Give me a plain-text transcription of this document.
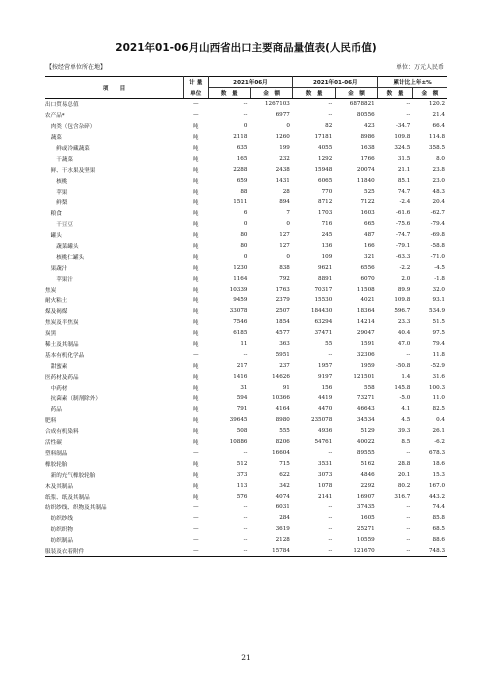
2021年01-06月山西省出口主要商品量值表(人民币值)
【按经营单位所在地】	单位：万元人民币
项　　目	计 量	2021年06月		2021年01-06月		累计比上年±%	
	单位	数　量	金　额	数　量	金　额	数　量	金　额
出口贸易总值	—	--	1267103	--	6878821	--	120.2
农产品*	—	--	6977	--	80556	--	21.4
　肉类（包含杂碎）	吨	0	0	82	423	-34.7	66.4
　蔬菜	吨	2118	1260	17181	8986	109.8	114.8
　　鲜或冷藏蔬菜	吨	635	199	4055	1638	324.5	358.5
　　干蔬菜	吨	165	232	1292	1766	31.5	8.0
　鲜、干水果及坚果	吨	2288	2438	15948	20074	21.1	23.8
　　核桃	吨	659	1431	6065	11840	85.1	23.0
　　苹果	吨	88	28	770	525	74.7	48.3
　　鲜梨	吨	1511	894	8712	7122	-2.4	20.4
　粮食	吨	6	7	1703	1603	-61.6	-62.7
　　干豆豆	吨	0	0	716	665	-75.6	-79.4
　罐头	吨	80	127	245	487	-74.7	-69.8
　　蔬菜罐头	吨	80	127	136	166	-79.1	-58.8
　　核桃仁罐头	吨	0	0	109	321	-63.3	-71.0
　果蔬汁	吨	1230	838	9621	6556	-2.2	-4.5
　　苹果汁	吨	1164	792	8891	6070	2.0	-1.8
焦炭	吨	10339	1763	70317	11508	89.9	32.0
耐火粘土	吨	9459	2379	15530	4021	109.8	93.1
煤及褐煤	吨	33078	2507	184430	18364	596.7	534.9
焦炭及半焦炭	吨	7546	1854	63294	14214	23.3	51.5
炭黑	吨	6185	4577	37471	29047	40.4	97.5
稀土及其制品	吨	11	363	55	1591	47.0	79.4
基本有机化学品	—	--	5951	--	32306	--	11.8
　甜蜜素	吨	217	237	1957	1959	-50.8	-52.9
医药材及药品	吨	1416	14626	9197	121501	1.4	31.6
　中药材	吨	31	91	156	558	145.8	100.3
　抗菌素（制剂除外）	吨	594	10366	4419	73271	-5.0	11.0
　药品	吨	791	4164	4470	46643	4.1	82.5
肥料	吨	39645	8980	235078	34534	4.5	0.4
合成有机染料	吨	508	555	4936	5129	39.3	26.1
活性碳	吨	10886	8206	54761	40022	8.5	-6.2
塑料制品	—	--	16604	--	89555	--	678.3
橡胶轮胎	吨	512	715	3531	5162	28.8	18.6
　新的充气橡胶轮胎	吨	373	622	3073	4846	20.1	15.3
木及其制品	吨	113	342	1078	2292	80.2	167.0
纸浆、纸及其制品	吨	576	4074	2141	16907	316.7	443.2
纺织纱线、织物及其制品	—	--	6031	--	37435	--	74.4
　纺织纱线	—	--	284	--	1605	--	85.8
　纺织织物	—	--	3619	--	25271	--	68.5
　纺织制品	—	--	2128	--	10559	--	88.6
服装及衣着附件	—	--	15784	--	121670	--	748.3
21
